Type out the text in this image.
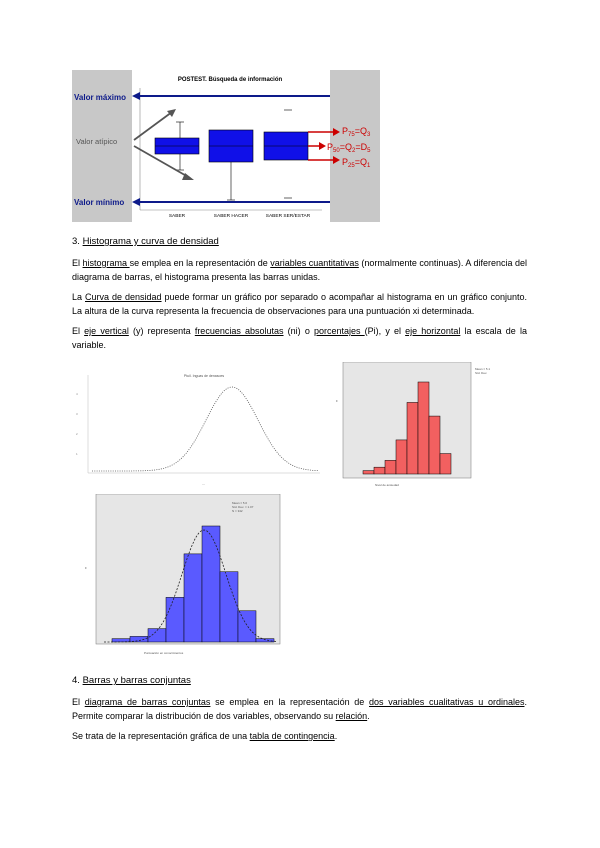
POSTEST. Búsqueda de información
SABER	SABER HACER	SABER SER/ESTAR
Valor máximo
Valor atípico
Valor mínimo
$P_{75}=Q_3$
$P_{50}=Q_2=D_5$
$P_{25}=Q_1$
3. Histograma y curva de densidad
El histograma se emplea en la representación de variables cuantitativas (normalmente continuas). A diferencia del diagrama de barras, el histograma presenta las barras unidas.
La Curva de densidad puede formar un gráfico por separado o acompañar al histograma en un gráfico conjunto. La altura de la curva representa la frecuencia de observaciones para una puntuación xi determinada.
El eje vertical (y) representa frecuencias absolutas (ni) o porcentajes (Pi), y el eje horizontal la escala de la variable.
Ptuil. Inguas de denasoes
4
3
2
1
—
Mean = 5.1
Std. Dev.
Nivel de ansiedad
F
Mean = 5.0
Std. Dev. = 1.07
N = 342
Puntuación en conocimientos
F
4. Barras y barras conjuntas
El diagrama de barras conjuntas se emplea en la representación de dos variables cualitativas u ordinales. Permite comparar la distribución de dos variables, observando su relación.
Se trata de la representación gráfica de una tabla de contingencia.
